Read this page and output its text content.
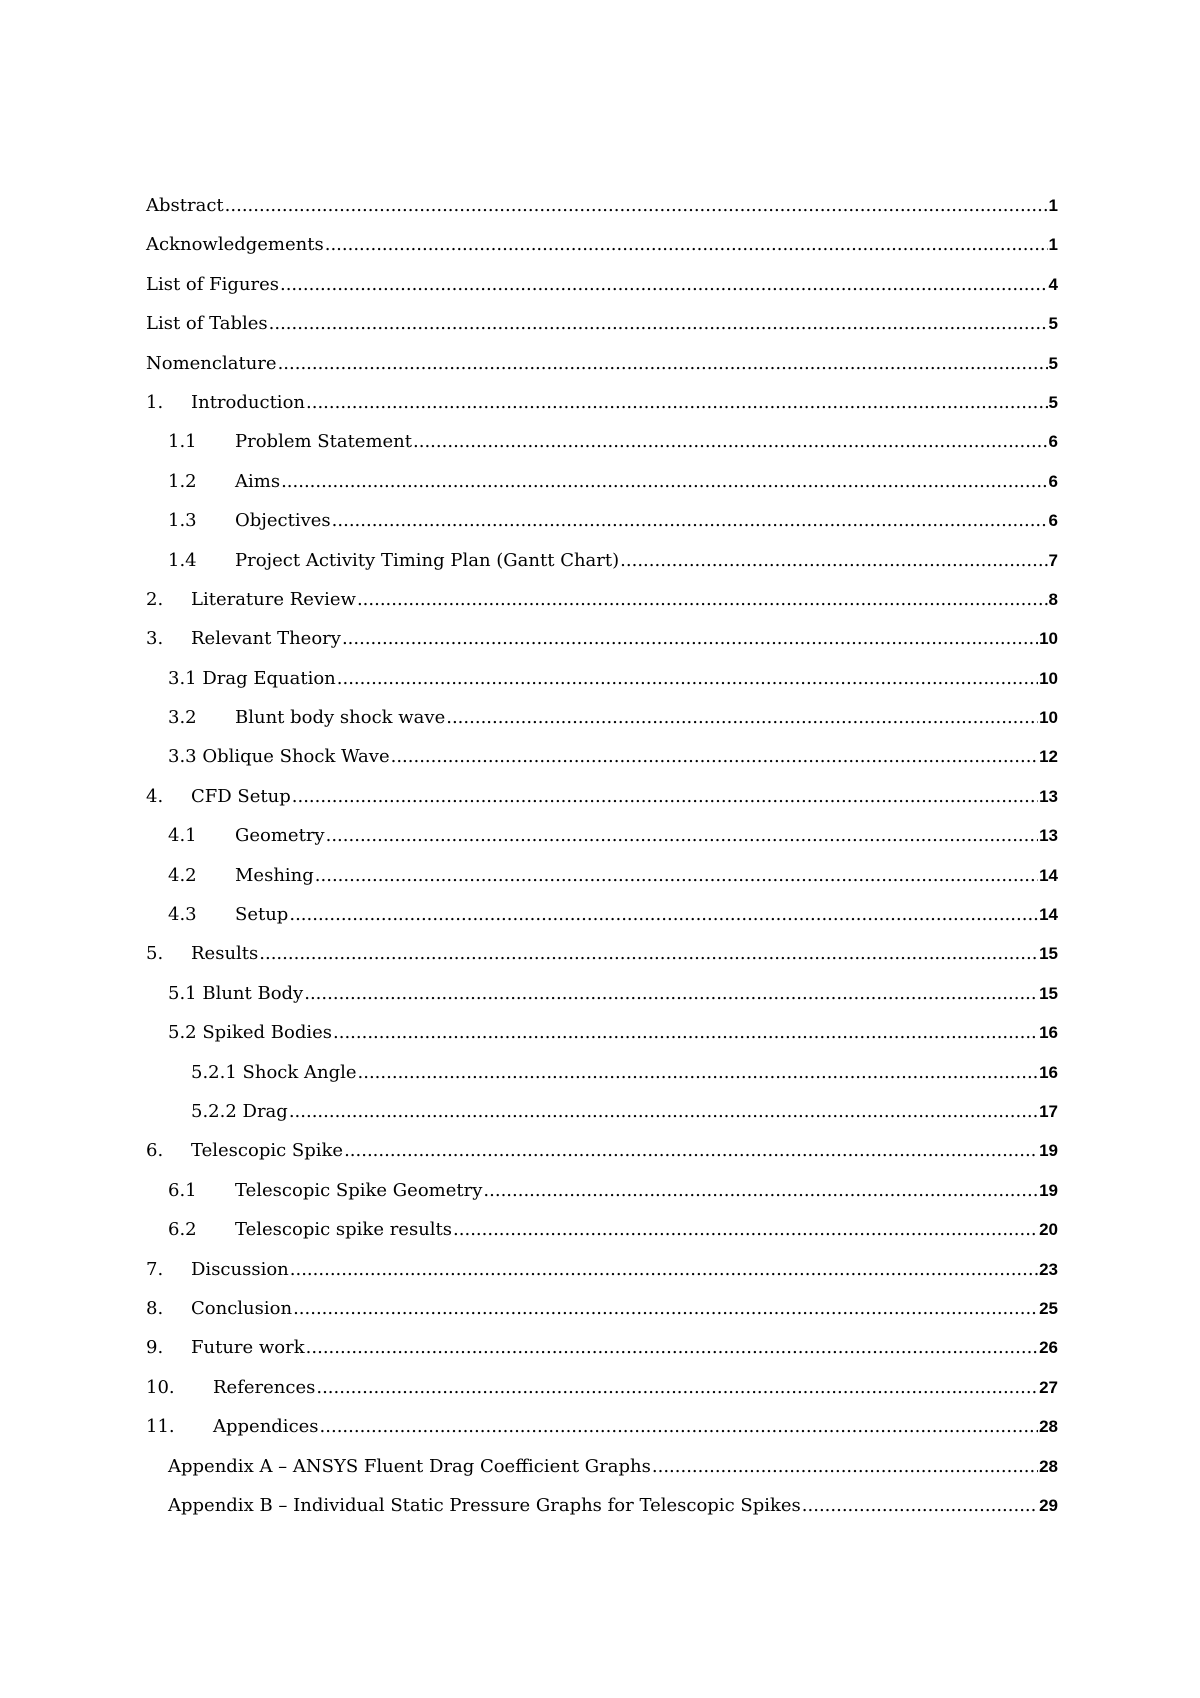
Abstract .....	1
Acknowledgements .....	1
List of Figures .....	4
List of Tables .....	5
Nomenclature .....	5
1.	Introduction .....	5
1.1	Problem Statement .....	6
1.2	Aims .....	6
1.3	Objectives .....	6
1.4	Project Activity Timing Plan (Gantt Chart) .....	7
2.	Literature Review .....	8
3.	Relevant Theory .....	10
3.1 Drag Equation .....	10
3.2	Blunt body shock wave .....	10
3.3 Oblique Shock Wave .....	12
4.	CFD Setup .....	13
4.1	Geometry .....	13
4.2	Meshing .....	14
4.3	Setup .....	14
5.	Results .....	15
5.1 Blunt Body .....	15
5.2 Spiked Bodies .....	16
5.2.1 Shock Angle .....	16
5.2.2 Drag .....	17
6.	Telescopic Spike .....	19
6.1	Telescopic Spike Geometry .....	19
6.2	Telescopic spike results .....	20
7.	Discussion .....	23
8.	Conclusion .....	25
9.	Future work .....	26
10.	References .....	27
11.	Appendices .....	28
Appendix A – ANSYS Fluent Drag Coefficient Graphs .....	28
Appendix B – Individual Static Pressure Graphs for Telescopic Spikes .....	29
